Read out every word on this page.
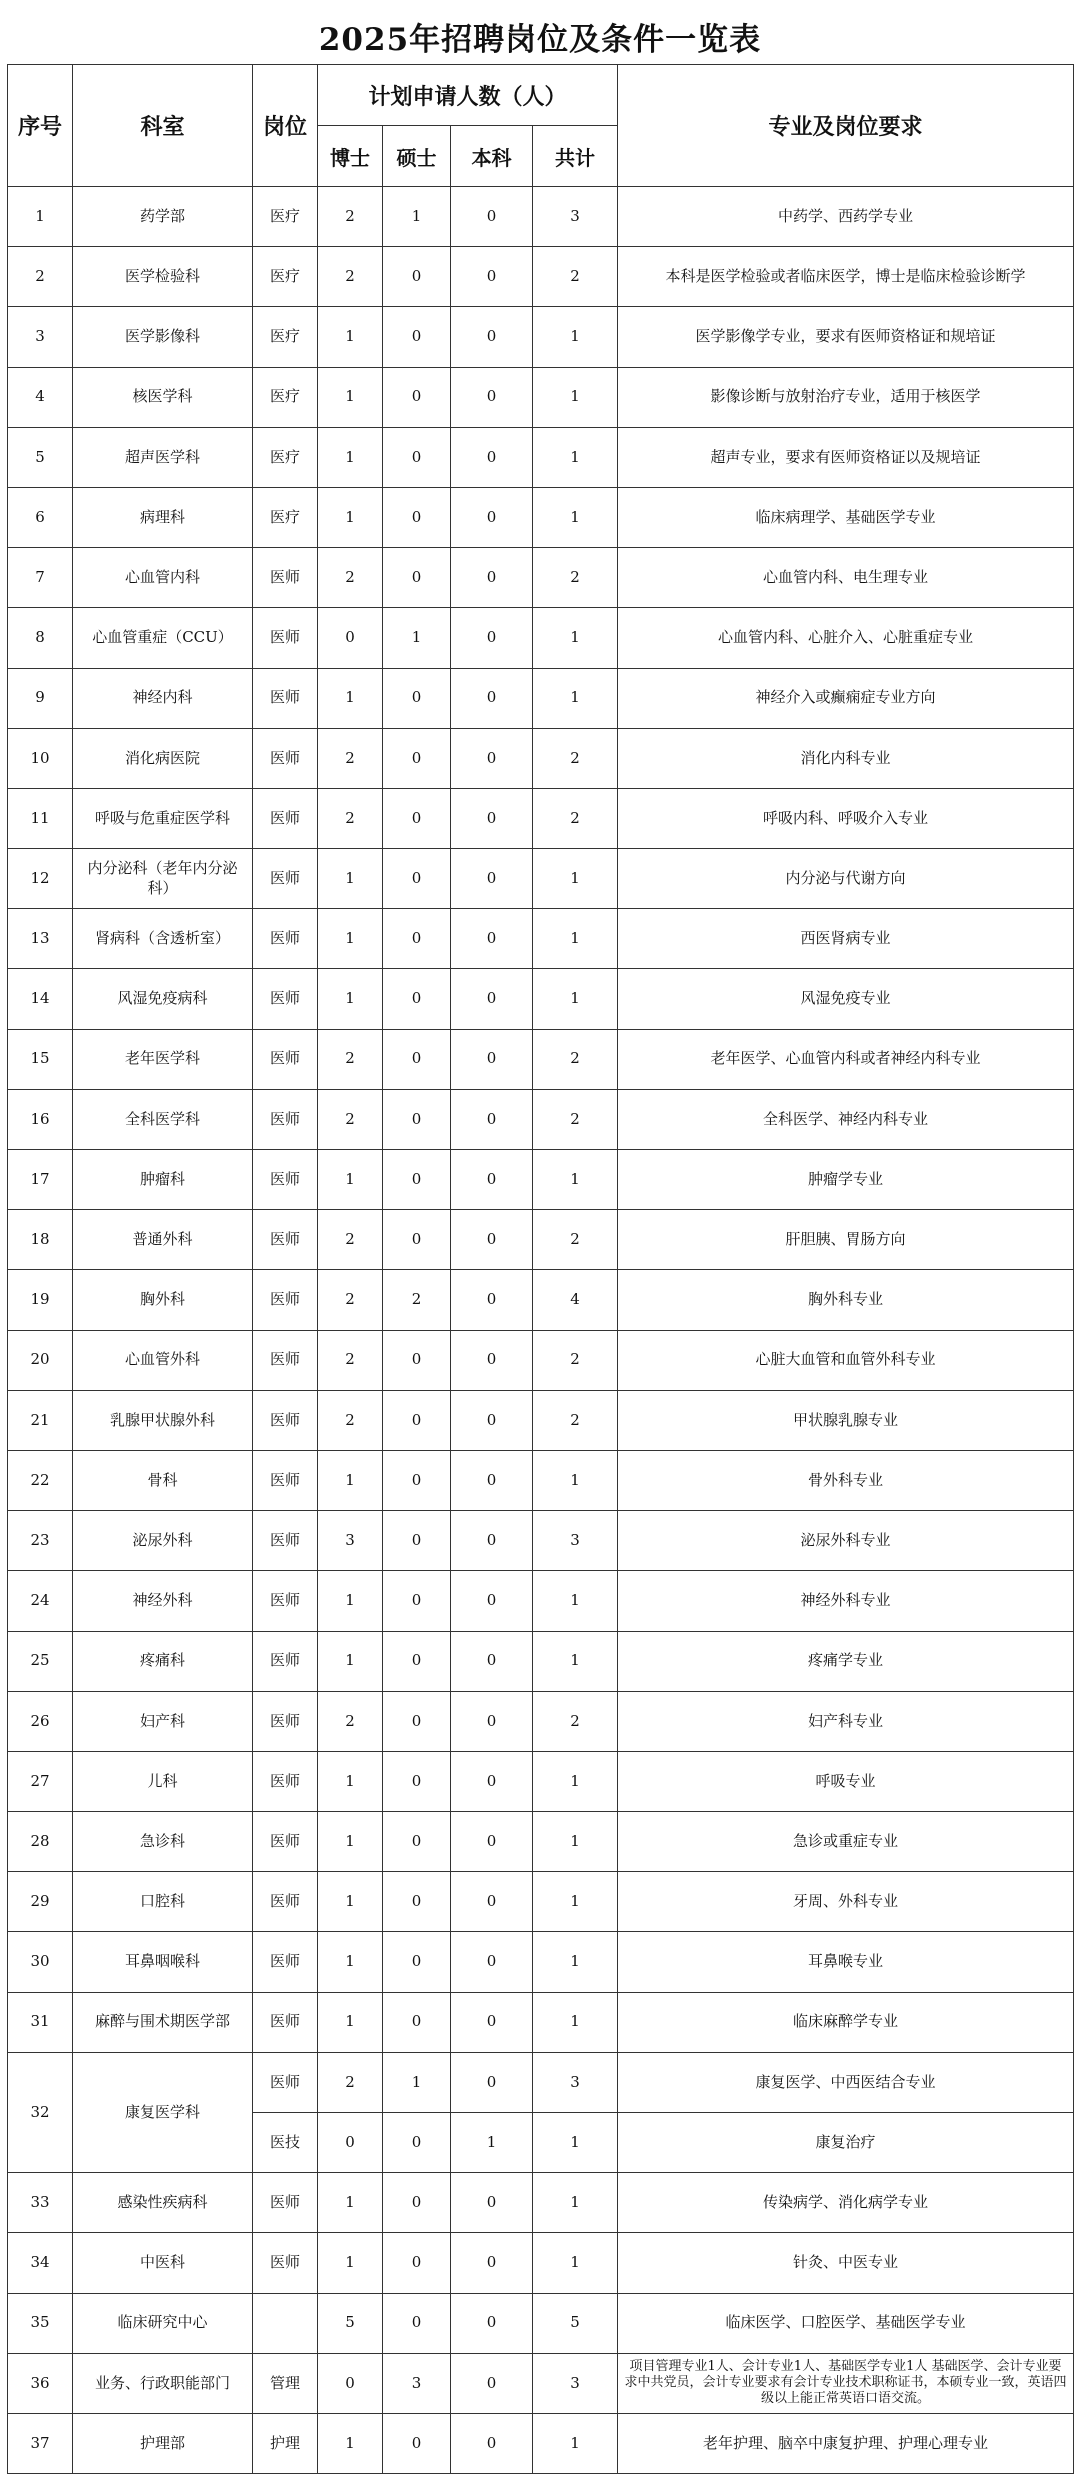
2025年招聘岗位及条件一览表
序号	科室	岗位	计划申请人数（人）				专业及岗位要求
			博士	硕士	本科	共计	
1	药学部	医疗	2	1	0	3	中药学、西药学专业
2	医学检验科	医疗	2	0	0	2	本科是医学检验或者临床医学，博士是临床检验诊断学
3	医学影像科	医疗	1	0	0	1	医学影像学专业，要求有医师资格证和规培证
4	核医学科	医疗	1	0	0	1	影像诊断与放射治疗专业，适用于核医学
5	超声医学科	医疗	1	0	0	1	超声专业，要求有医师资格证以及规培证
6	病理科	医疗	1	0	0	1	临床病理学、基础医学专业
7	心血管内科	医师	2	0	0	2	心血管内科、电生理专业
8	心血管重症（CCU）	医师	0	1	0	1	心血管内科、心脏介入、心脏重症专业
9	神经内科	医师	1	0	0	1	神经介入或癫痫症专业方向
10	消化病医院	医师	2	0	0	2	消化内科专业
11	呼吸与危重症医学科	医师	2	0	0	2	呼吸内科、呼吸介入专业
12	内分泌科（老年内分泌科）	医师	1	0	0	1	内分泌与代谢方向
13	肾病科（含透析室）	医师	1	0	0	1	西医肾病专业
14	风湿免疫病科	医师	1	0	0	1	风湿免疫专业
15	老年医学科	医师	2	0	0	2	老年医学、心血管内科或者神经内科专业
16	全科医学科	医师	2	0	0	2	全科医学、神经内科专业
17	肿瘤科	医师	1	0	0	1	肿瘤学专业
18	普通外科	医师	2	0	0	2	肝胆胰、胃肠方向
19	胸外科	医师	2	2	0	4	胸外科专业
20	心血管外科	医师	2	0	0	2	心脏大血管和血管外科专业
21	乳腺甲状腺外科	医师	2	0	0	2	甲状腺乳腺专业
22	骨科	医师	1	0	0	1	骨外科专业
23	泌尿外科	医师	3	0	0	3	泌尿外科专业
24	神经外科	医师	1	0	0	1	神经外科专业
25	疼痛科	医师	1	0	0	1	疼痛学专业
26	妇产科	医师	2	0	0	2	妇产科专业
27	儿科	医师	1	0	0	1	呼吸专业
28	急诊科	医师	1	0	0	1	急诊或重症专业
29	口腔科	医师	1	0	0	1	牙周、外科专业
30	耳鼻咽喉科	医师	1	0	0	1	耳鼻喉专业
31	麻醉与围术期医学部	医师	1	0	0	1	临床麻醉学专业
32	康复医学科	医师	2	1	0	3	康复医学、中西医结合专业
		医技	0	0	1	1	康复治疗
33	感染性疾病科	医师	1	0	0	1	传染病学、消化病学专业
34	中医科	医师	1	0	0	1	针灸、中医专业
35	临床研究中心		5	0	0	5	临床医学、口腔医学、基础医学专业
36	业务、行政职能部门	管理	0	3	0	3	项目管理专业1人、会计专业1人、基础医学专业1人 基础医学、会计专业要求中共党员，会计专业要求有会计专业技术职称证书，本硕专业一致，英语四级以上能正常英语口语交流。
37	护理部	护理	1	0	0	1	老年护理、脑卒中康复护理、护理心理专业
